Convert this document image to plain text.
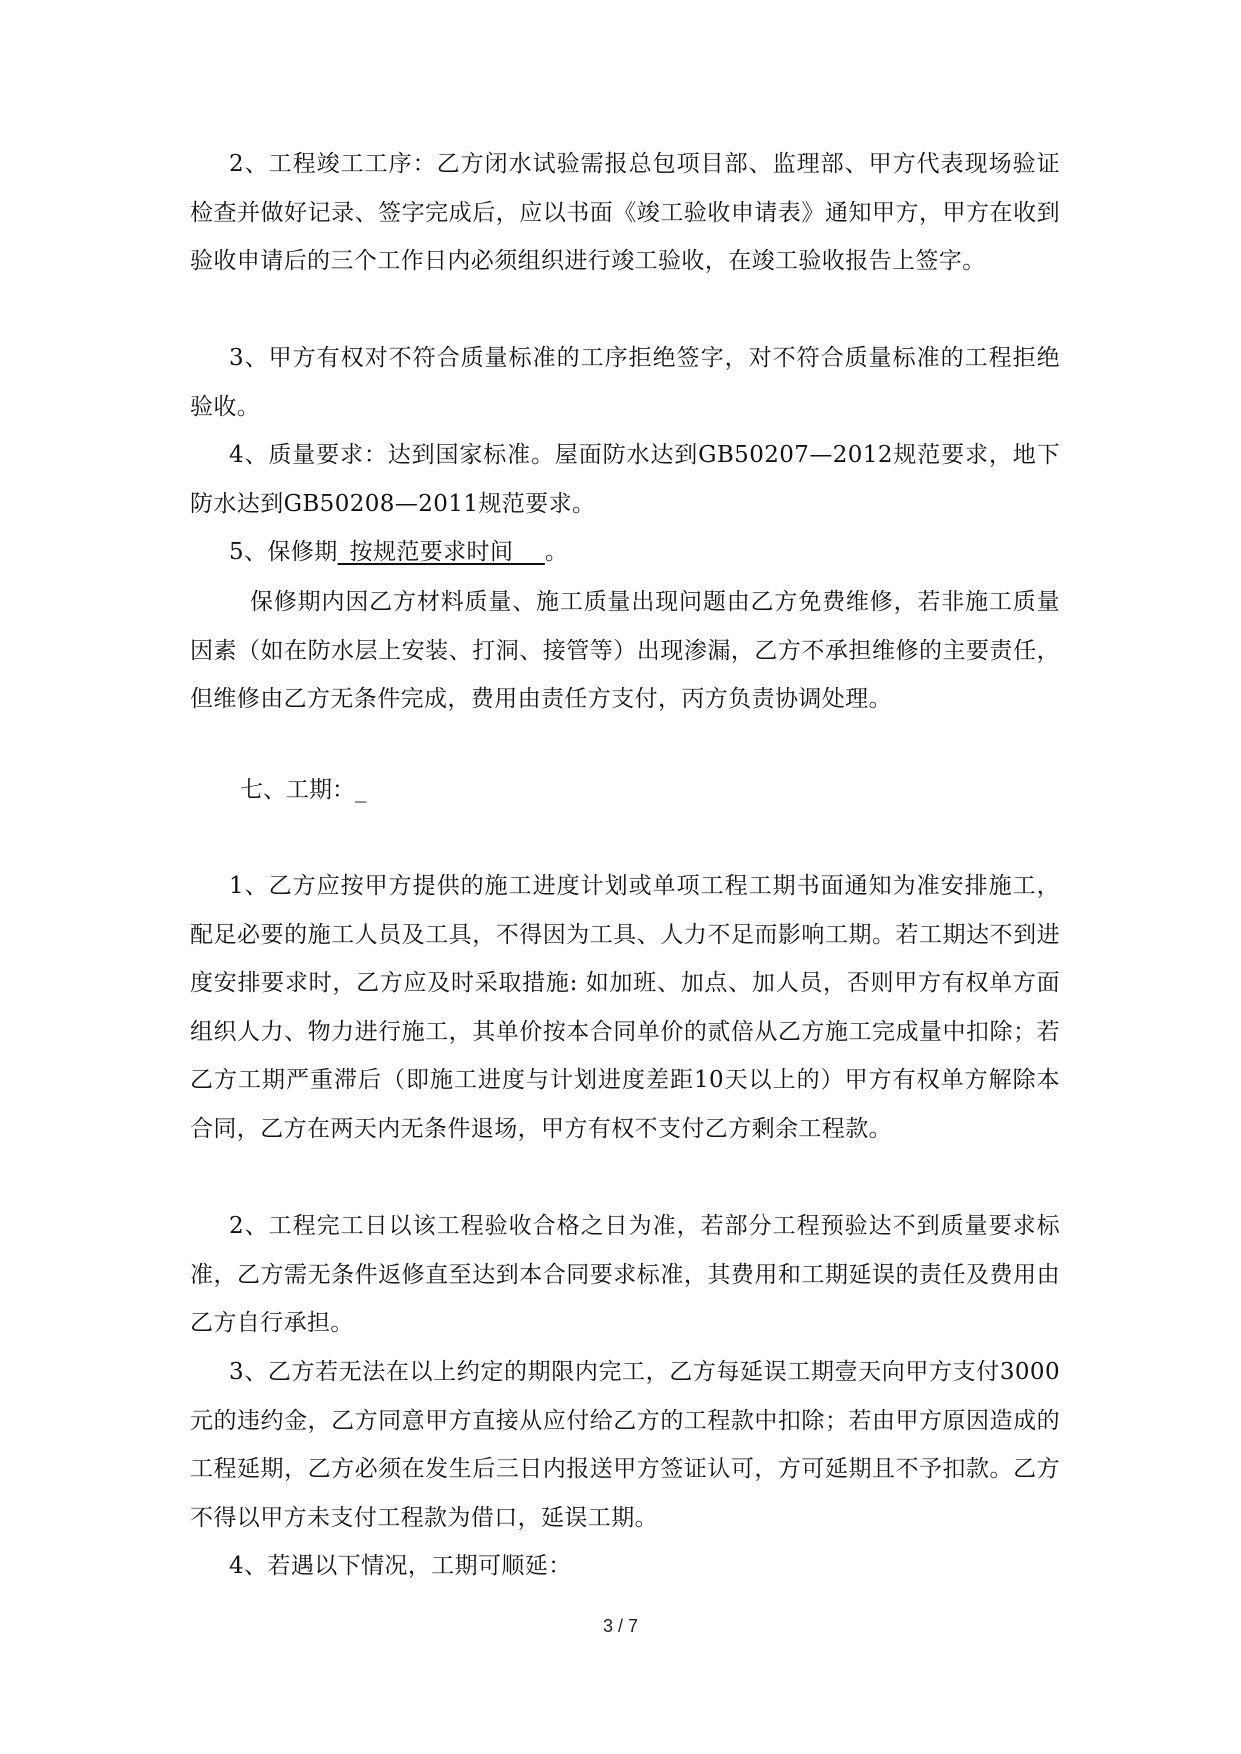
2、工程竣工工序：乙方闭水试验需报总包项目部、监理部、甲方代表现场验证检查并做好记录、签字完成后，应以书面《竣工验收申请表》通知甲方，甲方在收到验收申请后的三个工作日内必须组织进行竣工验收，在竣工验收报告上签字。

3、甲方有权对不符合质量标准的工序拒绝签字，对不符合质量标准的工程拒绝验收。

4、质量要求：达到国家标准。屋面防水达到GB50207—2012规范要求，地下防水达到GB50208—2011规范要求。

5、保修期_按规范要求时间_ _。

保修期内因乙方材料质量、施工质量出现问题由乙方免费维修，若非施工质量因素（如在防水层上安装、打洞、接管等）出现渗漏，乙方不承担维修的主要责任，但维修由乙方无条件完成，费用由责任方支付，丙方负责协调处理。

七、工期：_

1、乙方应按甲方提供的施工进度计划或单项工程工期书面通知为准安排施工，配足必要的施工人员及工具，不得因为工具、人力不足而影响工期。若工期达不到进度安排要求时，乙方应及时采取措施: 如加班、加点、加人员，否则甲方有权单方面组织人力、物力进行施工，其单价按本合同单价的贰倍从乙方施工完成量中扣除；若乙方工期严重滞后（即施工进度与计划进度差距10天以上的）甲方有权单方解除本合同，乙方在两天内无条件退场，甲方有权不支付乙方剩余工程款。

2、工程完工日以该工程验收合格之日为准，若部分工程预验达不到质量要求标准，乙方需无条件返修直至达到本合同要求标准，其费用和工期延误的责任及费用由乙方自行承担。

3、乙方若无法在以上约定的期限内完工，乙方每延误工期壹天向甲方支付3000元的违约金，乙方同意甲方直接从应付给乙方的工程款中扣除；若由甲方原因造成的工程延期，乙方必须在发生后三日内报送甲方签证认可，方可延期且不予扣款。乙方不得以甲方未支付工程款为借口，延误工期。

4、若遇以下情况，工期可顺延：

3 / 7
